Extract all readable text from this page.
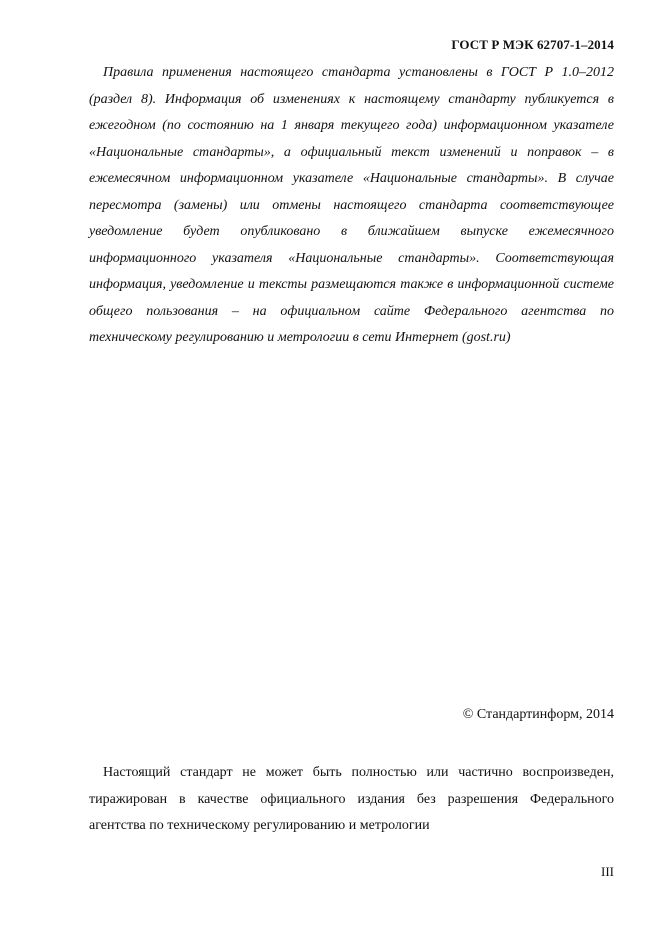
ГОСТ Р МЭК 62707-1–2014

Правила применения настоящего стандарта установлены в ГОСТ Р 1.0–2012 (раздел 8). Информация об изменениях к настоящему стандарту публикуется в ежегодном (по состоянию на 1 января текущего года) информационном указателе «Национальные стандарты», а официальный текст изменений и поправок – в ежемесячном информационном указателе «Национальные стандарты». В случае пересмотра (замены) или отмены настоящего стандарта соответствующее уведомление будет опубликовано в ближайшем выпуске ежемесячного информационного указателя «Национальные стандарты». Соответствующая информация, уведомление и тексты размещаются также в информационной системе общего пользования – на официальном сайте Федерального агентства по техническому регулированию и метрологии в сети Интернет (gost.ru)

© Стандартинформ, 2014

Настоящий стандарт не может быть полностью или частично воспроизведен, тиражирован в качестве официального издания без разрешения Федерального агентства по техническому регулированию и метрологии

III
